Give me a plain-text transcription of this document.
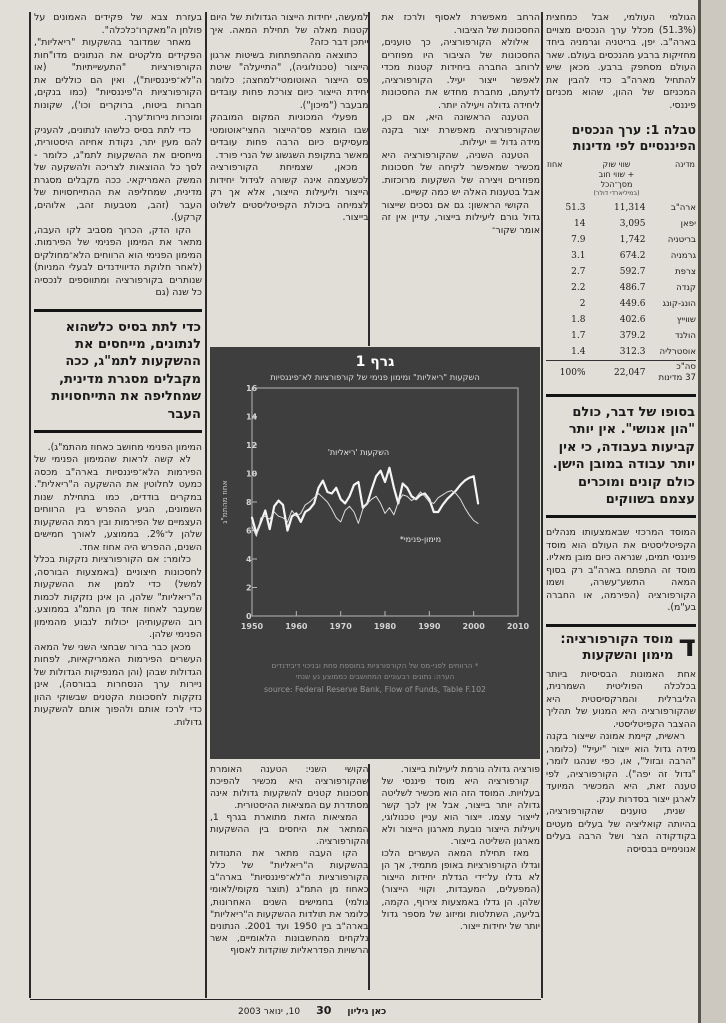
הגולמי העולמי, אבל כמחצית (51.3%) מכלל ערך הנכסים מצויים בארה"ב. יפן, בריטניה וגרמניה ביחד מחזיקות ברבע מהנכסים בעולם. שאר העולם מסתפק ברבע. מכאן שיש להתחיל מארה"ב כדי להבין את המכניזם של ההון, שהוא מכניזם פיננסי.

טבלה 1: ערך הנכסים הפיננסיים לפי מדינות
מדינה	שווי שוק
+ שווי חוב
מסך־הכל
(במיליארדי דולר)	אחוז
ארה"ב	11,314	51.3
יפאן	3,095	14
בריטניה	1,742	7.9
גרמניה	674.2	3.1
צרפת	592.7	2.7
קנדה	486.7	2.2
הונג-קונג	449.6	2
שווייץ	402.6	1.8
הולנד	379.2	1.7
אוסטרליה	312.3	1.4

סה"כ
37 מדינות	22,047	100%
בסופו של דבר, כולם "הון אנושי". אין יותר קביעות בעבודה, כי אין יותר עבודה במובן הישן. כולם קונים ומוכרים עצמם בשווקים

המוסד המרכזי שבאמצעותו מנהלים הקפיטליסטים את העולם הוא מוסד פיננסי תמים, שנראה כיום מובן מאליו. מוסד זה התפתח בארה"ב רק בסוף המאה התשע־עשרה, ושמו הקורפורציה (הפירמה, או החברה בע"מ).

ד
מוסד הקורפורציה: מימון והשקעות

אחת האמונות הבסיסיות ביותר בכלכלה הפוליטית השמרנית, הליברלית והמרקסיסטית היא שהקורפורציה היא המנוע של תהליך ההצבר הקפיטליסטי.

ראשית, קיימת אמונה שייצור בקנה מידה גדול הוא ייצור "יעיל" (כלומר, "הרבה ובזול", או, כפי שנהגו לומר, "גדול זה יפה"). הקורפורציה, לפי טענה זאת, היא המכשיר המיועד לארגן ייצור בסדרות ענק.

שנית, טוענים שהקורפורציה, בהיותה קואליציה של בעלים מעטים בקודקודה הצר ושל הרבה בעלים אנונימיים בבסיסה

הרחב מאפשרת לאסוף ולרכז את החסכונות של הציבור.

אילולא הקורפורציה, כך טוענים, החסכונות של הציבור היו מפוזרים לרוחב החברה ביחידות קטנות מכדי לאפשר ייצור יעיל. הקורפורציה, לדעתם, מחברת מחדש את החסכונות ליחידה גדולה ויעילה יותר.

הטענה הראשונה היא, אם כן, שהקורפורציה מאפשרת יצור בקנה מידה גדול = יעילות.

הטענה השניה, שהקורפורציה היא מכשיר שמאפשר לקיחה של חסכונות מפוזרים ויצירה של השקעות מרוכזות. אבל בטענות האלה יש כמה קשיים.

הקושי הראשון: גם אם נסכים שייצור גדול גורם ליעילות בייצור, עדיין אין זה אומר שקור־

למעשה, יחידות הייצור הגדולות של היום קטנות מאלה של תחילת המאה. איך ייתכן דבר כזה?

כתוצאה מההתפתחות בשיטות ארגון הייצור (טכנולוגיה), "התייעלה" שיטת פס הייצור האוטומטי־למחצה; כלומר יחידת הייצור כיום צורכת פחות עובדים מבעבר ("מיכון").

מפעלי המכוניות המקום המובהק שבו הומצא פס־הייצור החצי־אוטומטי מעסיקים כיום הרבה פחות עובדים מאשר בתקופת השגשוג של הנרי פורד.

מכאן, שצמיחת הקורפורציה לכשעצמה אינה קשורה לגידול יחידות הייצור וליעילות הייצור, אלא אך רק לצמיחה ביכולת הקפיטליסטים לשלוט בייצור.

גרף 1
השקעות "ריאליות" ומימון פנימי של קורפורציות לא־פיננסיות
0
2
4
6
8
10
12
14
16
1950	1960	1970	1980	1990	2000	2010
אחוז מהתמ"ג
השקעות 'ריאליות'
מימון-פנימי*
* הרווחים לפני-מס של הקורפורציות בתוספת פחת ובניכוי דיבידנדים
הערה: נתונים רבעוניים המחושבים כממוצע נע שנתי
source: Federal Reserve Bank, Flow of Funds, Table F.102

פורציה גדולה גורמת ליעילות בייצור.

קורפורציה היא מוסד פיננסי של בעלויות. המוסד הזה הוא מכשיר לשליטה גדולה יותר בייצור, אבל אין לכך קשר לייצור עצמו. ייצור הוא עניין טכנולוגי, ויעילות הייצור נובעת מארגון הייצור ולא מארגון השליטה בייצור.

מאז תחילת המאה העשרים הלכו וגדלו הקורפורציות באופן מתמיד, אך הן לא גדלו על־ידי הגדלת יחידות הייצור (המפעלים, המעבדות, וקווי הייצור) שלהן. הן גדלו באמצעות צירוף, הקמה, בליעה, השתלטות ומיזוג של מספר גדול יותר של יחידות ייצור.

הקושי השני: הטענה האומרת שהקורפורציה היא מכשיר להפיכת חסכונות קטנים להשקעות גדולות אינה מסתדרת עם המציאות ההיסטורית.

המציאות הזאת מתוארת בגרף 1, המתאר את היחסים בין ההשקעות והקורפורציה.

הקו העבה מתאר את התנודות בהשקעות ה"ריאליות" של כלל הקורפורציות ה"לא־פיננסיות" בארה"ב כאחוז מן התמ"ג (תוצר מקומי/לאומי גולמי) בחמישים השנים האחרונות, כלומר את תולדות ההשקעות ה"ריאליות" בארה"ב בין 1950 ועד 2001. הנתונים נלקחים מהחשבונות הלאומיים, אשר הרשויות הפדראליות שוקדות לאסוף

בעזרת צבא של פקידים האמונים על פולחן ה"מאקרו־כלכלה".

מאחר שמדובר בהשקעות "ריאליות", הפקידים מלקטים את הנתונים מדו"חות הקורפורציות "התעשייתיות" (או ה"לא־פיננסיות"), ואין הם כוללים את הקורפורציות ה"פיננסיות" (כמו בנקים, חברות ביטוח, ברוקרים וכו'), שקונות ומוכרות ניירות־ערך.

כדי לתת בסיס כלשהו לנתונים, להעניק להם מעין יתר, נקודת אחיזה היסטורית, מייחסים את ההשקעות לתמ"ג, כלומר - לסך כל ההוצאות לצריכה ולהשקעה של המשק האמריקאי. ככה מקבלים מסגרת מדינית, שמחליפה את ההתייחסויות של העבר (זהב, מטבעות זהב, אלוהים, קרקע).

הקו הדק, הכרוך מסביב לקו העבה, מתאר את המימון הפנימי של הפירמות. המימון הפנימי הוא הרווחים הלא־מחולקים (לאחר חלוקת הדיווידנדים לבעלי המניות) שנותרים בקורפורציה ומתווספים לנכסיה כל שנה (גם

כדי לתת בסיס כלשהוא לנתונים, מייחסים את ההשקעות לתמ"ג, ככה מקבלים מסגרת מדינית, שמחליפה את התייחסויות העבר

המימון הפנימי מחושב כאחוז מהתמ"ג).

לא קשה לראות שהמימון הפנימי של הפירמות הלא־פיננסיות בארה"ב מכסה כמעט לחלוטין את ההשקעה ה"ריאלית". במקרים בודדים, כמו בתחילת שנות השמונים, הגיע ההפרש בין הרווחים העצמיים של הפירמות ובין רמת ההשקעות שלהן ל־2%. בממוצע, לאורך חמישים השנים, ההפרש היה אחוז אחד.

כלומר: אם הקורפורציות נזקקות בכלל לחסכונות חיצוניים (באמצעות הבורסה, למשל) כדי לממן את ההשקעות ה"ריאליות" שלהן, הן אינן נזקקות לכמות שמעבר לאחוז אחד מן התמ"ג בממוצע. רוב השקעותיהן יכולות לנבוע מהמימון הפנימי שלהן.

מכאן כבר ברור שבחצי השני של המאה העשרים הפירמות האמריקאיות, לפחות הגדולות שבהן (והן המנפיקות הגדולות של ניירות ערך הנסחרות בבורסה), אינן נזקקות לחסכונות הקטנים שבשוקי ההון כדי לרכז אותם ולהפוך אותם להשקעות גדולות.

10, ינואר 2003 30 כאן גיליון
